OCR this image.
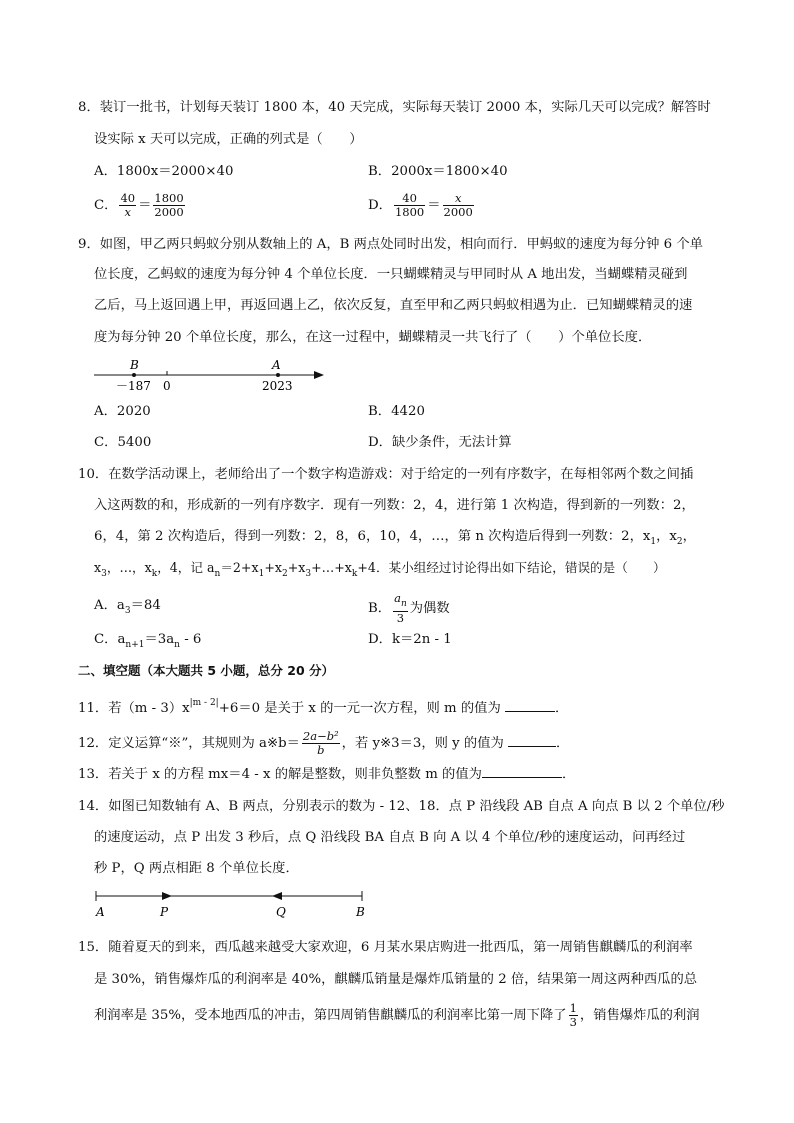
8．装订一批书，计划每天装订 1800 本，40 天完成，实际每天装订 2000 本，实际几天可以完成？解答时
设实际 x 天可以完成，正确的列式是（　　）
A．1800x＝2000×40	B．2000x＝1800×40
C． $\frac{40}{x} = \frac{1800}{2000}$	D． $\frac{40}{1800} = \frac{x}{2000}$
9．如图，甲乙两只蚂蚁分别从数轴上的 A，B 两点处同时出发，相向而行．甲蚂蚁的速度为每分钟 6 个单
位长度，乙蚂蚁的速度为每分钟 4 个单位长度．一只蝴蝶精灵与甲同时从 A 地出发，当蝴蝶精灵碰到
乙后，马上返回遇上甲，再返回遇上乙，依次反复，直至甲和乙两只蚂蚁相遇为止．已知蝴蝶精灵的速
度为每分钟 20 个单位长度，那么，在这一过程中，蝴蝶精灵一共飞行了（　　）个单位长度．
B	A
－187 0	2023
A．2020	B．4420
C．5400	D．缺少条件，无法计算
10．在数学活动课上，老师给出了一个数字构造游戏：对于给定的一列有序数字，在每相邻两个数之间插
入这两数的和，形成新的一列有序数字．现有一列数：2，4，进行第 1 次构造，得到新的一列数：2，
6，4，第 2 次构造后，得到一列数：2，8，6，10，4，…，第 n 次构造后得到一列数：2，$x_1$，$x_2$，
$x_3$，…，$x_k$，4，记 $a_n=2+x_1+x_2+x_3+\dots+x_k+4$．某小组经过讨论得出如下结论，错误的是（　　）
A．$a_3=84$	B． $\frac{a_n}{3}$ 为偶数
C．$a_{n+1}=3a_n - 6$	D．k＝2n - 1
二、填空题（本大题共 5 小题，总分 20 分）
11．若$(m - 3)x^{|m - 2|}+6=0$ 是关于 x 的一元一次方程，则 m 的值为	．
12．定义运算“※”，其规则为 a※b＝ $\frac{\text{2a−b²}}{b}$ ，若 y※3＝3，则 y 的值为	．
13．若关于 x 的方程 mx＝4 - x 的解是整数，则非负整数 m 的值为	．
14．如图已知数轴有 A、B 两点，分别表示的数为 - 12、18．点 P 沿线段 AB 自点 A 向点 B 以 2 个单位/秒
的速度运动，点 P 出发 3 秒后，点 Q 沿线段 BA 自点 B 向 A 以 4 个单位/秒的速度运动，问再经过
秒 P，Q 两点相距 8 个单位长度．
A	P	Q	B
15．随着夏天的到来，西瓜越来越受大家欢迎，6 月某水果店购进一批西瓜，第一周销售麒麟瓜的利润率
是 30%，销售爆炸瓜的利润率是 40%，麒麟瓜销量是爆炸瓜销量的 2 倍，结果第一周这两种西瓜的总
利润率是 35%，受本地西瓜的冲击，第四周销售麒麟瓜的利润率比第一周下降了 $\frac{1}{3}$ ，销售爆炸瓜的利润
